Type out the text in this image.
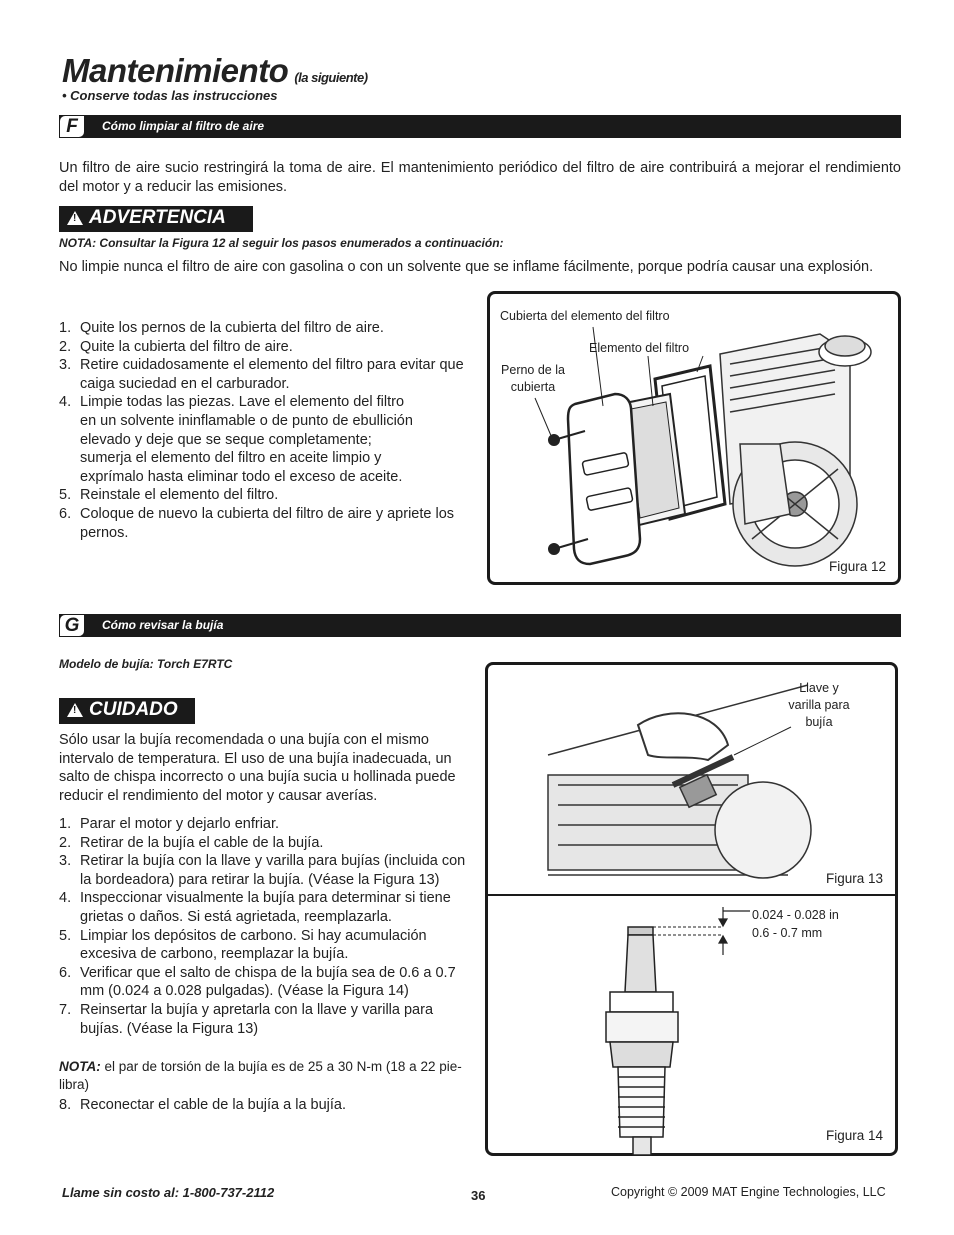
Mantenimiento (la siguiente)
• Conserve todas las instrucciones
F	Cómo limpiar al filtro de aire
Un filtro de aire sucio restringirá la toma de aire. El mantenimiento periódico del filtro de aire contribuirá a mejorar el rendimiento del motor y a reducir las emisiones.
! ADVERTENCIA
NOTA: Consultar la Figura 12 al seguir los pasos enumerados a continuación:
No limpie nunca el filtro de aire con gasolina o con un solvente que se inflame fácilmente, porque podría causar una explosión.
1. Quite los pernos de la cubierta del filtro de aire.
2. Quite la cubierta del filtro de aire.
3. Retire cuidadosamente el elemento del filtro para evitar que caiga suciedad en el carburador.
4. Limpie todas las piezas. Lave el elemento del filtro en un solvente ininflamable o de punto de ebullición elevado y deje que se seque completamente; sumerja el elemento del filtro en aceite limpio y exprímalo hasta eliminar todo el exceso de aceite.
5. Reinstale el elemento del filtro.
6. Coloque de nuevo la cubierta del filtro de aire y apriete los pernos.
Cubierta del elemento del filtro
Elemento del filtro
Perno de la cubierta
Figura 12
G	Cómo revisar la bujía
Modelo de bujía: Torch E7RTC
! CUIDADO
Sólo usar la bujía recomendada o una bujía con el mismo intervalo de temperatura. El uso de una bujía inadecuada, un salto de chispa incorrecto o una bujía sucia u hollinada puede reducir el rendimiento del motor y causar averías.
1. Parar el motor y dejarlo enfriar.
2. Retirar de la bujía el cable de la bujía.
3. Retirar la bujía con la llave y varilla para bujías (incluida con la bordeadora) para retirar la bujía. (Véase la Figura 13)
4. Inspeccionar visualmente la bujía para determinar si tiene grietas o daños. Si está agrietada, reemplazarla.
5. Limpiar los depósitos de carbono. Si hay acumulación excesiva de carbono, reemplazar la bujía.
6. Verificar que el salto de chispa de la bujía sea de 0.6 a 0.7 mm (0.024 a 0.028 pulgadas). (Véase la Figura 14)
7. Reinsertar la bujía y apretarla con la llave y varilla para bujías. (Véase la Figura 13)
NOTA: el par de torsión de la bujía es de 25 a 30 N-m (18 a 22 pie-libra)
8. Reconectar el cable de la bujía a la bujía.
Llave y varilla para bujía
Figura 13
0.024 - 0.028 in
0.6 - 0.7 mm
Figura 14
Llame sin costo al: 1-800-737-2112	36	Copyright © 2009 MAT Engine Technologies, LLC
